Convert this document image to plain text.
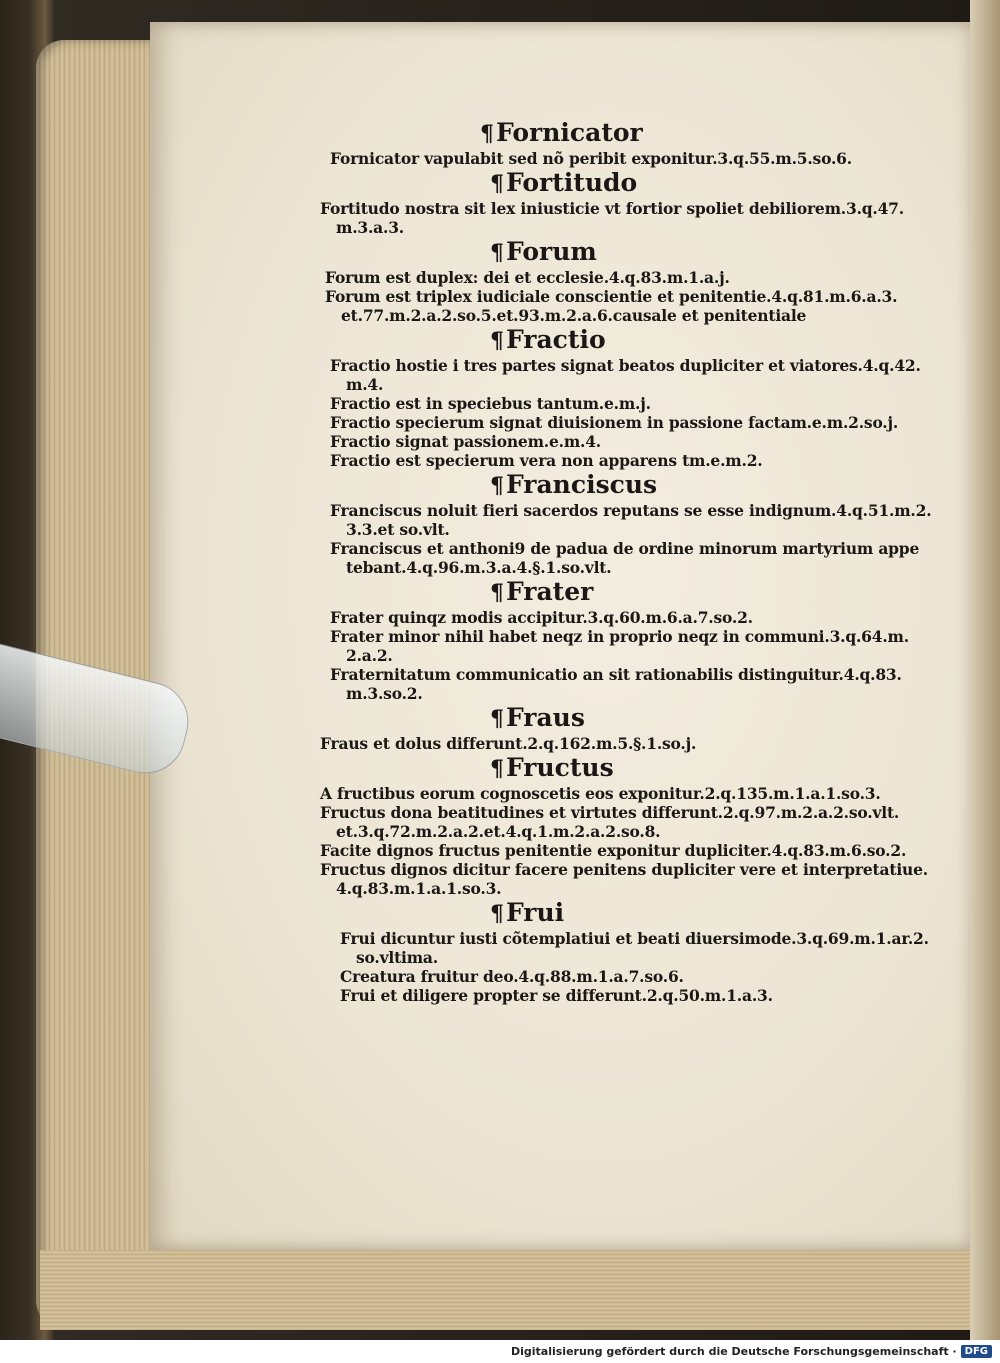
¶Fornicator

Fornicator vapulabit sed nõ peribit exponitur.3.q.55.m.5.so.6.

¶Fortitudo

Fortitudo nostra sit lex iniusticie vt fortior spoliet debiliorem.3.q.47.
m.3.a.3.

¶Forum

Forum est duplex: dei et ecclesie.4.q.83.m.1.a.j.

Forum est triplex iudiciale conscientie et penitentie.4.q.81.m.6.a.3.
et.77.m.2.a.2.so.5.et.93.m.2.a.6.causale et penitentiale

¶Fractio

Fractio hostie i tres partes signat beatos dupliciter et viatores.4.q.42.
m.4.

Fractio est in speciebus tantum.e.m.j.

Fractio specierum signat diuisionem in passione factam.e.m.2.so.j.

Fractio signat passionem.e.m.4.

Fractio est specierum vera non apparens tm.e.m.2.

¶Franciscus

Franciscus noluit fieri sacerdos reputans se esse indignum.4.q.51.m.2.
3.3.et so.vlt.

Franciscus et anthoni9 de padua de ordine minorum martyrium appe
tebant.4.q.96.m.3.a.4.§.1.so.vlt.

¶Frater

Frater quinqz modis accipitur.3.q.60.m.6.a.7.so.2.

Frater minor nihil habet neqz in proprio neqz in communi.3.q.64.m.
2.a.2.

Fraternitatum communicatio an sit rationabilis distinguitur.4.q.83.
m.3.so.2.

¶Fraus

Fraus et dolus differunt.2.q.162.m.5.§.1.so.j.

¶Fructus

A fructibus eorum cognoscetis eos exponitur.2.q.135.m.1.a.1.so.3.

Fructus dona beatitudines et virtutes differunt.2.q.97.m.2.a.2.so.vlt.
et.3.q.72.m.2.a.2.et.4.q.1.m.2.a.2.so.8.

Facite dignos fructus penitentie exponitur dupliciter.4.q.83.m.6.so.2.

Fructus dignos dicitur facere penitens dupliciter vere et interpretatiue.
4.q.83.m.1.a.1.so.3.

¶Frui

Frui dicuntur iusti cõtemplatiui et beati diuersimode.3.q.69.m.1.ar.2.
so.vltima.

Creatura fruitur deo.4.q.88.m.1.a.7.so.6.

Frui et diligere propter se differunt.2.q.50.m.1.a.3.

Digitalisierung gefördert durch die Deutsche Forschungsgemeinschaft · DFG
